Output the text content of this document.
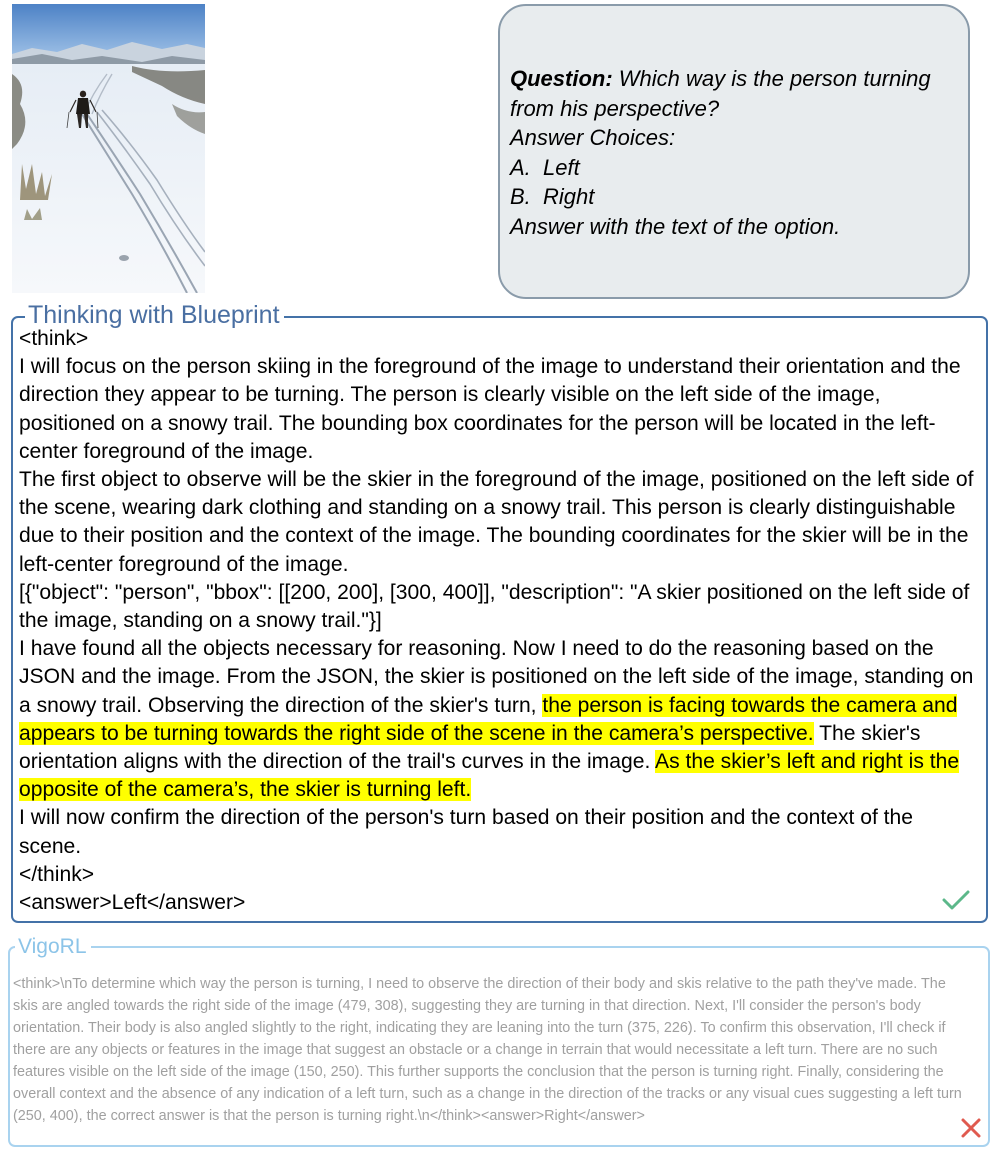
Question: Which way is the person turning
from his perspective?
Answer Choices:
A. Left
B. Right
Answer with the text of the option.
Thinking with Blueprint

<think>

I will focus on the person skiing in the foreground of the image to understand their orientation and the direction they appear to be turning. The person is clearly visible on the left side of the image, positioned on a snowy trail. The bounding box coordinates for the person will be located in the left-center foreground of the image.

The first object to observe will be the skier in the foreground of the image, positioned on the left side of the scene, wearing dark clothing and standing on a snowy trail. This person is clearly distinguishable due to their position and the context of the image. The bounding coordinates for the skier will be in the left-center foreground of the image.

[{"object": "person", "bbox": [[200, 200], [300, 400]], "description": "A skier positioned on the left side of the image, standing on a snowy trail."}]

I have found all the objects necessary for reasoning. Now I need to do the reasoning based on the JSON and the image. From the JSON, the skier is positioned on the left side of the image, standing on a snowy trail. Observing the direction of the skier's turn, the person is facing towards the camera and appears to be turning towards the right side of the scene in the camera’s perspective. The skier's orientation aligns with the direction of the trail's curves in the image. As the skier’s left and right is the opposite of the camera’s, the skier is turning left.

I will now confirm the direction of the person's turn based on their position and the context of the scene.

</think>

<answer>Left</answer>

VigoRL
<think>\nTo determine which way the person is turning, I need to observe the direction of their body and skis relative to the path they've made. The skis are angled towards the right side of the image (479, 308), suggesting they are turning in that direction. Next, I'll consider the person's body orientation. Their body is also angled slightly to the right, indicating they are leaning into the turn (375, 226). To confirm this observation, I'll check if there are any objects or features in the image that suggest an obstacle or a change in terrain that would necessitate a left turn. There are no such features visible on the left side of the image (150, 250). This further supports the conclusion that the person is turning right. Finally, considering the overall context and the absence of any indication of a left turn, such as a change in the direction of the tracks or any visual cues suggesting a left turn (250, 400), the correct answer is that the person is turning right.\n</think><answer>Right</answer>
